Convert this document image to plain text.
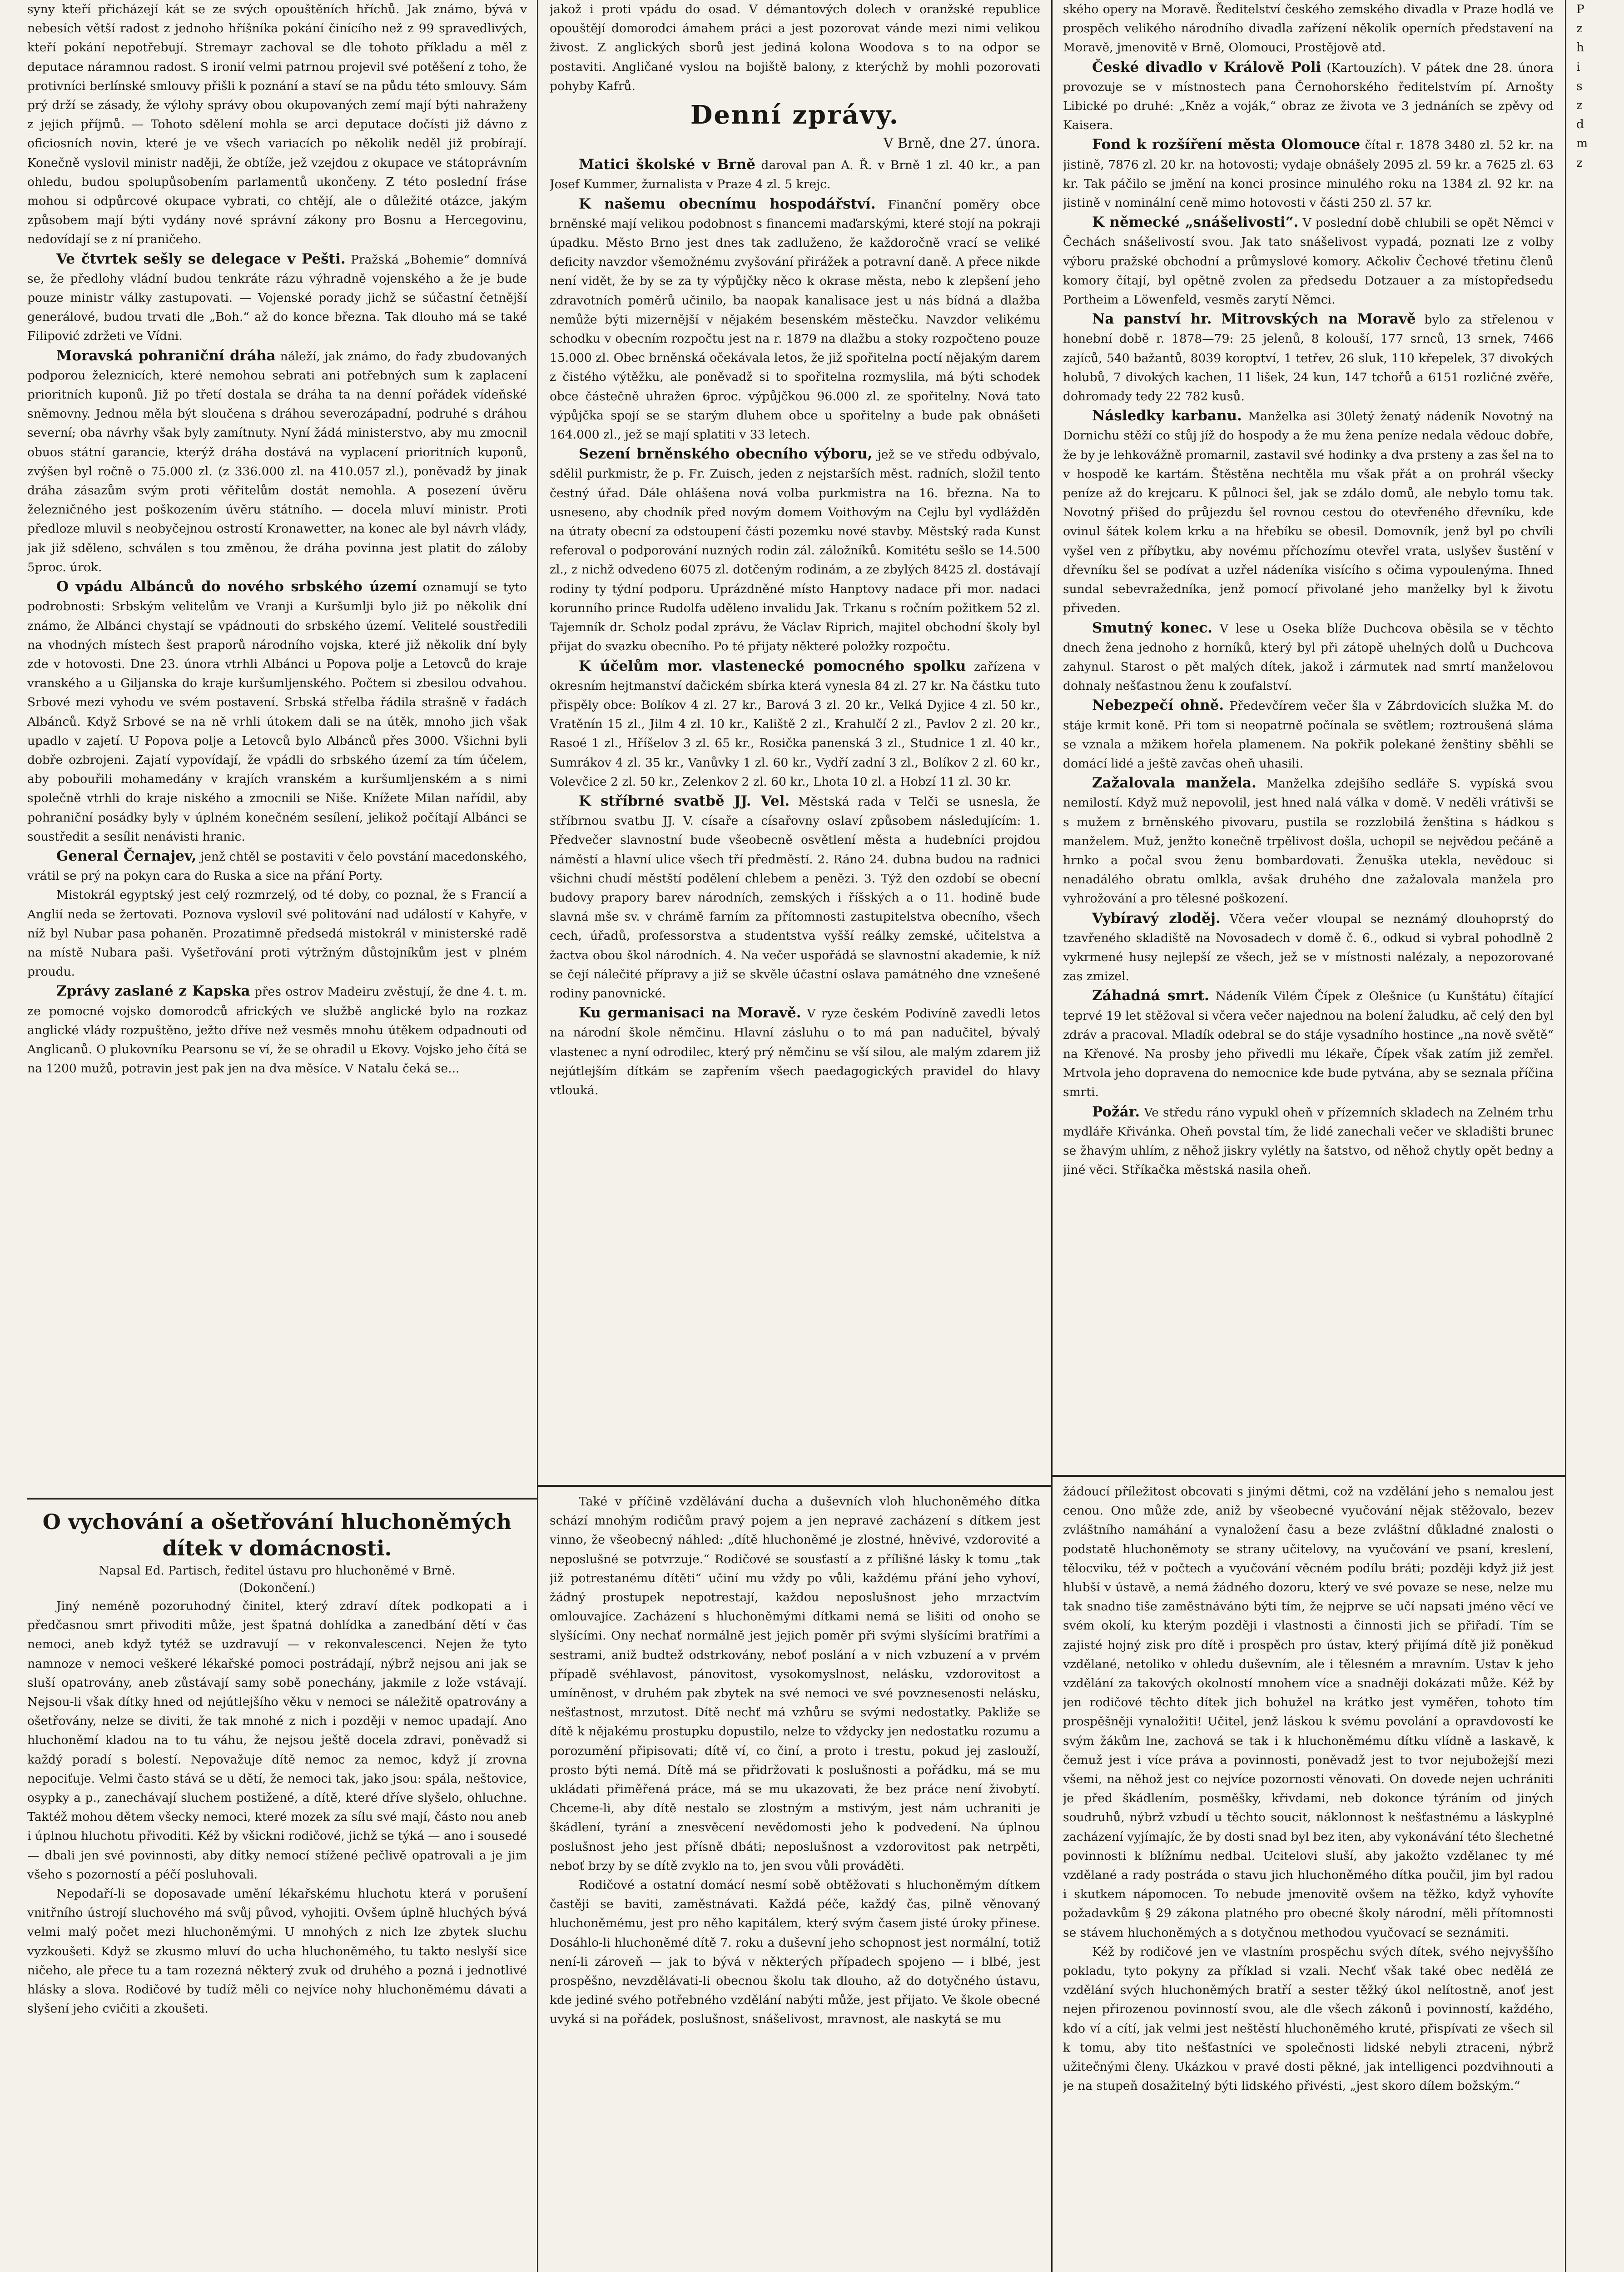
syny kteří přicházejí kát se ze svých opouštěních hříchů. Jak známo, bývá v nebesích větší radost z jednoho hříšníka pokání činícího než z 99 spravedlivých, kteří pokání nepotřebují. Stremayr zachoval se dle tohoto příkladu a měl z deputace náramnou radost. S ironií velmi patrnou projevil své potěšení z toho, že protivníci berlínské smlouvy přišli k poznání a staví se na půdu této smlouvy. Sám prý drží se zásady, že výlohy správy obou okupovaných zemí mají býti nahraženy z jejich příjmů. — Tohoto sdělení mohla se arci deputace dočísti již dávno z oficiosních novin, které je ve všech variacích po několik neděl již probírají. Konečně vyslovil ministr naději, že obtíže, jež vzejdou z okupace ve státoprávním ohledu, budou spolupůsobením parlamentů ukončeny. Z této poslední fráse mohou si odpůrcové okupace vybrati, co chtějí, ale o důležité otázce, jakým způsobem mají býti vydány nové správní zákony pro Bosnu a Hercegovinu, nedovídají se z ní praničeho.

Ve čtvrtek sešly se delegace v Pešti. Pražská „Bohemie“ domnívá se, že předlohy vládní budou tenkráte rázu výhradně vojenského a že je bude pouze ministr války zastupovati. — Vojenské porady jichž se súčastní četnější generálové, budou trvati dle „Boh.“ až do konce března. Tak dlouho má se také Filipović zdržeti ve Vídni.

Moravská pohraniční dráha náleží, jak známo, do řady zbudovaných podporou železnicích, které nemohou sebrati ani potřebných sum k zaplacení prioritních kuponů. Již po třetí dostala se dráha ta na denní pořádek vídeňské sněmovny. Jednou měla být sloučena s dráhou severozápadní, podruhé s dráhou severní; oba návrhy však byly zamítnuty. Nyní žádá ministerstvo, aby mu zmocnil obuos státní garancie, kterýž dráha dostává na vyplacení prioritních kuponů, zvýšen byl ročně o 75.000 zl. (z 336.000 zl. na 410.057 zl.), poněvadž by jinak dráha zásazům svým proti věřitelům dostát nemohla. A posezení úvěru železničného jest poškozením úvěru státního. — docela mluví ministr. Proti předloze mluvil s neobyčejnou ostrostí Kronawetter, na konec ale byl návrh vlády, jak již sděleno, schválen s tou změnou, že dráha povinna jest platit do záloby 5proc. úrok.

O vpádu Albánců do nového srbského území oznamují se tyto podrobnosti: Srbským velitelům ve Vranji a Kuršumlji bylo již po několik dní známo, že Albánci chystají se vpádnouti do srbského území. Velitelé soustředili na vhodných místech šest praporů národního vojska, které již několik dní byly zde v hotovosti. Dne 23. února vtrhli Albánci u Popova polje a Letovců do kraje vranského a u Giljanska do kraje kuršumljenského. Počtem si zbesilou odvahou. Srbové mezi vyhodu ve svém postavení. Srbská střelba řádila strašně v řadách Albánců. Když Srbové se na ně vrhli útokem dali se na útěk, mnoho jich však upadlo v zajetí. U Popova polje a Letovců bylo Albánců přes 3000. Všichni byli dobře ozbrojeni. Zajatí vypovídají, že vpádli do srbského území za tím účelem, aby pobouřili mohamedány v krajích vranském a kuršumljenském a s nimi společně vtrhli do kraje niského a zmocnili se Niše. Knížete Milan nařídil, aby pohraniční posádky byly v úplném konečném sesílení, jelikož počítají Albánci se soustředit a sesílit nenávisti hranic.

General Černajev, jenž chtěl se postaviti v čelo povstání macedonského, vrátil se prý na pokyn cara do Ruska a sice na přání Porty.

Mistokrál egyptský jest celý rozmrzelý, od té doby, co poznal, že s Francií a Anglií neda se žertovati. Poznova vyslovil své politování nad událostí v Kahyře, v níž byl Nubar pasa pohaněn. Prozatimně předsedá mistokrál v ministerské radě na místě Nubara paši. Vyšetřování proti výtržným důstojníkům jest v plném proudu.

Zprávy zaslané z Kapska přes ostrov Madeiru zvěstují, že dne 4. t. m. ze pomocné vojsko domorodců afrických ve službě anglické bylo na rozkaz anglické vlády rozpuštěno, ježto dříve než vesměs mnohu útěkem odpadnouti od Anglicanů. O plukovníku Pearsonu se ví, že se ohradil u Ekovy. Vojsko jeho čítá se na 1200 mužů, potravin jest pak jen na dva měsíce. V Natalu čeká se...

jakož i proti vpádu do osad. V démantových dolech v oranžské republice opouštějí domorodci ámahem práci a jest pozorovat vánde mezi nimi velikou živost. Z anglických sborů jest jediná kolona Woodova s to na odpor se postaviti. Angličané vyslou na bojiště balony, z kterýchž by mohli pozorovati pohyby Kafrů.

Denní zprávy.
V Brně, dne 27. února.

Matici školské v Brně daroval pan A. Ř. v Brně 1 zl. 40 kr., a pan Josef Kummer, žurnalista v Praze 4 zl. 5 krejc.

K našemu obecnímu hospodářství. Finanční poměry obce brněnské mají velikou podobnost s financemi maďarskými, které stojí na pokraji úpadku. Město Brno jest dnes tak zadluženo, že každoročně vrací se veliké deficity navzdor všemožnému zvyšování přirážek a potravní daně. A přece nikde není vidět, že by se za ty výpůjčky něco k okrase města, nebo k zlepšení jeho zdravotních poměrů učinilo, ba naopak kanalisace jest u nás bídná a dlažba nemůže býti mizernější v nějakém besenském městečku. Navzdor velikému schodku v obecním rozpočtu jest na r. 1879 na dlažbu a stoky rozpočteno pouze 15.000 zl. Obec brněnská očekávala letos, že již spořitelna poctí nějakým darem z čistého výtěžku, ale poněvadž si to spořitelna rozmyslila, má býti schodek obce částečně uhražen 6proc. výpůjčkou 96.000 zl. ze spořitelny. Nová tato výpůjčka spojí se se starým dluhem obce u spořitelny a bude pak obnášeti 164.000 zl., jež se mají splatiti v 33 letech.

Sezení brněnského obecního výboru, jež se ve středu odbývalo, sdělil purkmistr, že p. Fr. Zuisch, jeden z nejstarších měst. radních, složil tento čestný úřad. Dále ohlášena nová volba purkmistra na 16. března. Na to usneseno, aby chodník před novým domem Voithovým na Cejlu byl vydlážděn na útraty obecní za odstoupení části pozemku nové stavby. Městský rada Kunst referoval o podporování nuzných rodin zál. záložníků. Komitétu sešlo se 14.500 zl., z nichž odvedeno 6075 zl. dotčeným rodinám, a ze zbylých 8425 zl. dostávají rodiny ty týdní podporu. Uprázdněné místo Hanptovy nadace při mor. nadaci korunního prince Rudolfa uděleno invalidu Jak. Trkanu s ročním požitkem 52 zl. Tajemník dr. Scholz podal zprávu, že Václav Riprich, majitel obchodní školy byl přijat do svazku obecního. Po té přijaty některé položky rozpočtu.

K účelům mor. vlastenecké pomocného spolku zařízena v okresním hejtmanství dačickém sbírka která vynesla 84 zl. 27 kr. Na částku tuto přispěly obce: Bolíkov 4 zl. 27 kr., Barová 3 zl. 20 kr., Velká Dyjice 4 zl. 50 kr., Vratěnín 15 zl., Jilm 4 zl. 10 kr., Kaliště 2 zl., Krahulčí 2 zl., Pavlov 2 zl. 20 kr., Rasoé 1 zl., Hříšelov 3 zl. 65 kr., Rosička panenská 3 zl., Studnice 1 zl. 40 kr., Sumrákov 4 zl. 35 kr., Vanůvky 1 zl. 60 kr., Vydří zadní 3 zl., Bolíkov 2 zl. 60 kr., Volevčice 2 zl. 50 kr., Zelenkov 2 zl. 60 kr., Lhota 10 zl. a Hobzí 11 zl. 30 kr.

K stříbrné svatbě JJ. Vel. Městská rada v Telči se usnesla, že stříbrnou svatbu JJ. V. císaře a císařovny oslaví způsobem následujícím: 1. Předvečer slavnostní bude všeobecně osvětlení města a hudebníci projdou náměstí a hlavní ulice všech tří předměstí. 2. Ráno 24. dubna budou na radnici všichni chudí městští podělení chlebem a penězi. 3. Týž den ozdobí se obecní budovy prapory barev národních, zemských i říšských a o 11. hodině bude slavná mše sv. v chrámě farním za přítomnosti zastupitelstva obecního, všech cech, úřadů, professorstva a studentstva vyšší reálky zemské, učitelstva a žactva obou škol národních. 4. Na večer uspořádá se slavnostní akademie, k níž se čejí nálečité přípravy a již se skvěle účastní oslava památného dne vznešené rodiny panovnické.

Ku germanisaci na Moravě. V ryze českém Podivíně zavedli letos na národní škole němčinu. Hlavní zásluhu o to má pan nadučitel, bývalý vlastenec a nyní odrodilec, který prý němčinu se vší silou, ale malým zdarem již nejútlejším dítkám se zapřením všech paedagogických pravidel do hlavy vtlouká.

ského opery na Moravě. Ředitelství českého zemského divadla v Praze hodlá ve prospěch velikého národního divadla zařízení několik operních představení na Moravě, jmenovitě v Brně, Olomouci, Prostějově atd.

České divadlo v Králově Poli (Kartouzích). V pátek dne 28. února provozuje se v místnostech pana Černohorského ředitelstvím pí. Arnošty Libické po druhé: „Kněz a voják,“ obraz ze života ve 3 jednáních se zpěvy od Kaisera.

Fond k rozšíření města Olomouce čítal r. 1878 3480 zl. 52 kr. na jistině, 7876 zl. 20 kr. na hotovosti; vydaje obnášely 2095 zl. 59 kr. a 7625 zl. 63 kr. Tak páčilo se jmění na konci prosince minulého roku na 1384 zl. 92 kr. na jistině v nominální ceně mimo hotovosti v části 250 zl. 57 kr.

K německé „snášelivosti“. V poslední době chlubili se opět Němci v Čechách snášelivostí svou. Jak tato snášelivost vypadá, poznati lze z volby výboru pražské obchodní a průmyslové komory. Ačkoliv Čechové třetinu členů komory čítají, byl opětně zvolen za předsedu Dotzauer a za místopředsedu Portheim a Löwenfeld, vesměs zarytí Němci.

Na panství hr. Mitrovských na Moravě bylo za střelenou v honební době r. 1878—79: 25 jelenů, 8 kolouší, 177 srnců, 13 srnek, 7466 zajíců, 540 bažantů, 8039 koroptví, 1 tetřev, 26 sluk, 110 křepelek, 37 divokých holubů, 7 divokých kachen, 11 lišek, 24 kun, 147 tchořů a 6151 rozličné zvěře, dohromady tedy 22 782 kusů.

Následky karbanu. Manželka asi 30letý ženatý nádeník Novotný na Dornichu stěží co stůj jíž do hospody a že mu žena peníze nedala vědouc dobře, že by je lehkovážně promarnil, zastavil své hodinky a dva prsteny a zas šel na to v hospodě ke kartám. Štěstěna nechtěla mu však přát a on prohrál všecky peníze až do krejcaru. K půlnoci šel, jak se zdálo domů, ale nebylo tomu tak. Novotný přišed do průjezdu šel rovnou cestou do otevřeného dřevníku, kde ovinul šátek kolem krku a na hřebíku se obesil. Domovník, jenž byl po chvíli vyšel ven z příbytku, aby novému příchozímu otevřel vrata, uslyšev šustění v dřevníku šel se podívat a uzřel nádeníka visícího s očima vypoulenýma. Ihned sundal sebevražedníka, jenž pomocí přivolané jeho manželky byl k životu přiveden.

Smutný konec. V lese u Oseka blíže Duchcova oběsila se v těchto dnech žena jednoho z horníků, který byl při zátopě uhelných dolů u Duchcova zahynul. Starost o pět malých dítek, jakož i zármutek nad smrtí manželovou dohnaly nešťastnou ženu k zoufalství.

Nebezpečí ohně. Předevčírem večer šla v Zábrdovicích služka M. do stáje krmit koně. Při tom si neopatrně počínala se světlem; roztroušená sláma se vznala a mžikem hořela plamenem. Na pokřik polekané ženštiny sběhli se domácí lidé a ještě zavčas oheň uhasili.

Zažalovala manžela. Manželka zdejšího sedláře S. vypíská svou nemilostí. Když muž nepovolil, jest hned nalá válka v domě. V neděli vrátivši se s mužem z brněnského pivovaru, pustila se rozzlobilá ženština s hádkou s manželem. Muž, jenžto konečně trpělivost došla, uchopil se nejvědou pečáně a hrnko a počal svou ženu bombardovati. Ženuška utekla, nevědouc si nenadálého obratu omlkla, avšak druhého dne zažalovala manžela pro vyhrožování a pro tělesné poškození.

Vybíravý zloděj. Včera večer vloupal se neznámý dlouhoprstý do tzavřeného skladiště na Novosadech v domě č. 6., odkud si vybral pohodlně 2 vykrmené husy nejlepší ze všech, jež se v místnosti nalézaly, a nepozorované zas zmizel.

Záhadná smrt. Nádeník Vilém Čípek z Olešnice (u Kunštátu) čítající teprvé 19 let stěžoval si včera večer najednou na bolení žaludku, ač celý den byl zdráv a pracoval. Mladík odebral se do stáje vysadního hostince „na nově světě“ na Křenové. Na prosby jeho přivedli mu lékaře, Čípek však zatím již zemřel. Mrtvola jeho dopravena do nemocnice kde bude pytvána, aby se seznala příčina smrti.

Požár. Ve středu ráno vypukl oheň v přízemních skladech na Zelném trhu mydláře Křivánka. Oheň povstal tím, že lidé zanechali večer ve skladišti brunec se žhavým uhlím, z něhož jiskry vylétly na šatstvo, od něhož chytly opět bedny a jiné věci. Stříkačka městská nasila oheň.

O vychování a ošetřování hluchoněmých dítek v domácnosti.
Napsal Ed. Partisch, ředitel ústavu pro hluchoněmé v Brně.
(Dokončení.)

Jiný neméně pozoruhodný činitel, který zdraví dítek podkopati a i předčasnou smrt přivoditi může, jest špatná dohlídka a zanedbání dětí v čas nemoci, aneb když tytéž se uzdravují — v rekonvalescenci. Nejen že tyto namnoze v nemoci veškeré lékařské pomoci postrádají, nýbrž nejsou ani jak se sluší opatrovány, aneb zůstávají samy sobě ponechány, jakmile z lože vstávají. Nejsou-li však dítky hned od nejútlejšího věku v nemoci se náležitě opatrovány a ošetřovány, nelze se diviti, že tak mnohé z nich i později v nemoc upadají. Ano hluchoněmí kladou na to tu váhu, že nejsou ještě docela zdravi, poněvadž si každý poradí s bolestí. Nepovažuje dítě nemoc za nemoc, když jí zrovna nepociťuje. Velmi často stává se u dětí, že nemoci tak, jako jsou: spála, neštovice, osypky a p., zanechávají sluchem postižené, a dítě, které dříve slyšelo, ohluchne. Taktéž mohou dětem všecky nemoci, které mozek za sílu své mají, částo nou aneb i úplnou hluchotu přivoditi. Kéž by všickni rodičové, jichž se týká — ano i sousedé — dbali jen své povinnosti, aby dítky nemocí stížené pečlivě opatrovali a je jim všeho s pozorností a péčí posluhovali.

Nepodaří-li se doposavade umění lékařskému hluchotu která v porušení vnitřního ústrojí sluchového má svůj původ, vyhojiti. Ovšem úplně hluchých bývá velmi malý počet mezi hluchoněmými. U mnohých z nich lze zbytek sluchu vyzkoušeti. Když se zkusmo mluví do ucha hluchoněmého, tu takto neslyší sice ničeho, ale přece tu a tam rozezná některý zvuk od druhého a pozná i jednotlivé hlásky a slova. Rodičové by tudíž měli co nejvíce nohy hluchoněmému dávati a slyšení jeho cvičiti a zkoušeti.

Také v příčině vzdělávání ducha a duševních vloh hluchoněmého dítka schází mnohým rodičům pravý pojem a jen nepravé zacházení s dítkem jest vinno, že všeobecný náhled: „dítě hluchoněmé je zlostné, hněvivé, vzdorovité a neposlušné se potvrzuje.“ Rodičové se sousťastí a z přílišné lásky k tomu „tak již potrestanému dítěti“ učiní mu vždy po vůli, každému přání jeho vyhoví, žádný prostupek nepotrestají, každou neposlušnost jeho mrzactvím omlouvajíce. Zacházení s hluchoněmými dítkami nemá se lišiti od onoho se slyšícími. Ony nechať normálně jest jejich poměr při svými slyšícími bratřími a sestrami, aniž budtež odstrkovány, neboť poslání a v nich vzbuzení a v prvém případě svéhlavost, pánovitost, vysokomyslnost, nelásku, vzdorovitost a umíněnost, v druhém pak zbytek na své nemoci ve své povznesenosti nelásku, nešťastnost, mrzutost. Dítě nechť má vzhůru se svými nedostatky. Pakliže se dítě k nějakému prostupku dopustilo, nelze to vždycky jen nedostatku rozumu a porozumění připisovati; dítě ví, co činí, a proto i trestu, pokud jej zaslouží, prosto býti nemá. Dítě má se přidržovati k poslušnosti a pořádku, má se mu ukládati přiměřená práce, má se mu ukazovati, že bez práce není živobytí. Chceme-li, aby dítě nestalo se zlostným a mstivým, jest nám uchraniti je škádlení, tyrání a znesvěcení nevědomosti jeho k podvedení. Na úplnou poslušnost jeho jest přísně dbáti; neposlušnost a vzdorovitost pak netrpěti, neboť brzy by se dítě zvyklo na to, jen svou vůli prováděti.

Rodičové a ostatní domácí nesmí sobě obtěžovati s hluchoněmým dítkem častěji se baviti, zaměstnávati. Každá péče, každý čas, pilně věnovaný hluchoněmému, jest pro něho kapitálem, který svým časem jisté úroky přinese. Dosáhlo-li hluchoněmé dítě 7. roku a duševní jeho schopnost jest normální, totiž není-li zároveň — jak to bývá v některých případech spojeno — i blbé, jest prospěšno, nevzdělávati-li obecnou školu tak dlouho, až do dotyčného ústavu, kde jediné svého potřebného vzdělání nabýti může, jest přijato. Ve škole obecné uvyká si na pořádek, poslušnost, snášelivost, mravnost, ale naskytá se mu

žádoucí příležitost obcovati s jinými dětmi, což na vzdělání jeho s nemalou jest cenou. Ono může zde, aniž by všeobecné vyučování nějak stěžovalo, bezev zvláštního namáhání a vynaložení času a beze zvláštní důkladné znalosti o podstatě hluchoněmoty se strany učitelovy, na vyučování ve psaní, kreslení, tělocviku, též v počtech a vyučování věcném podílu bráti; později když již jest hlubší v ústavě, a nemá žádného dozoru, který ve své povaze se nese, nelze mu tak snadno tiše zaměstnáváno býti tím, že nejprve se učí napsati jméno věcí ve svém okolí, ku kterým později i vlastnosti a činnosti jich se přiřadí. Tím se zajisté hojný zisk pro dítě i prospěch pro ústav, který přijímá dítě již poněkud vzdělané, netoliko v ohledu duševním, ale i tělesném a mravním. Ustav k jeho vzdělání za takových okolností mnohem více a snadněji dokázati může. Kéž by jen rodičové těchto dítek jich bohužel na krátko jest vyměřen, tohoto tím prospěšněji vynaložiti! Učitel, jenž láskou k svému povolání a opravdovostí ke svým žákům lne, zachová se tak i k hluchoněmému dítku vlídně a laskavě, k čemuž jest i více práva a povinnosti, poněvadž jest to tvor nejubožejší mezi všemi, na něhož jest co nejvíce pozornosti věnovati. On dovede nejen uchrániti je před škádlením, posměšky, křivdami, neb dokonce týráním od jiných soudruhů, nýbrž vzbudí u těchto soucit, náklonnost k nešťastnému a láskyplné zacházení vyjímajíc, že by dosti snad byl bez iten, aby vykonávání této šlechetné povinnosti k blížnímu nedbal. Ucitelovi sluší, aby jakožto vzdělanec ty mé vzdělané a rady postráda o stavu jich hluchoněmého dítka poučil, jim byl radou i skutkem nápomocen. To nebude jmenovitě ovšem na těžko, když vyhovíte požadavkům § 29 zákona platného pro obecné školy národní, měli přítomnosti se stávem hluchoněmých a s dotyčnou methodou vyučovací se seznámiti.

Kéž by rodičové jen ve vlastním prospěchu svých dítek, svého nejvyššího pokladu, tyto pokyny za příklad si vzali. Nechť však také obec nedělá ze vzdělání svých hluchoněmých bratří a sester těžký úkol nelítostně, anoť jest nejen přirozenou povinností svou, ale dle všech zákonů i povinností, každého, kdo ví a cítí, jak velmi jest neštěstí hluchoněmého kruté, přispívati ze všech sil k tomu, aby tito nešťastníci ve společnosti lidské nebyli ztraceni, nýbrž užitečnými členy. Ukázkou v pravé dosti pěkné, jak intelligenci pozdvihnouti a je na stupeň dosažitelný býti lidského přivésti, „jest skoro dílem božským.“

P
z
h
i
s
z
d
m
z
